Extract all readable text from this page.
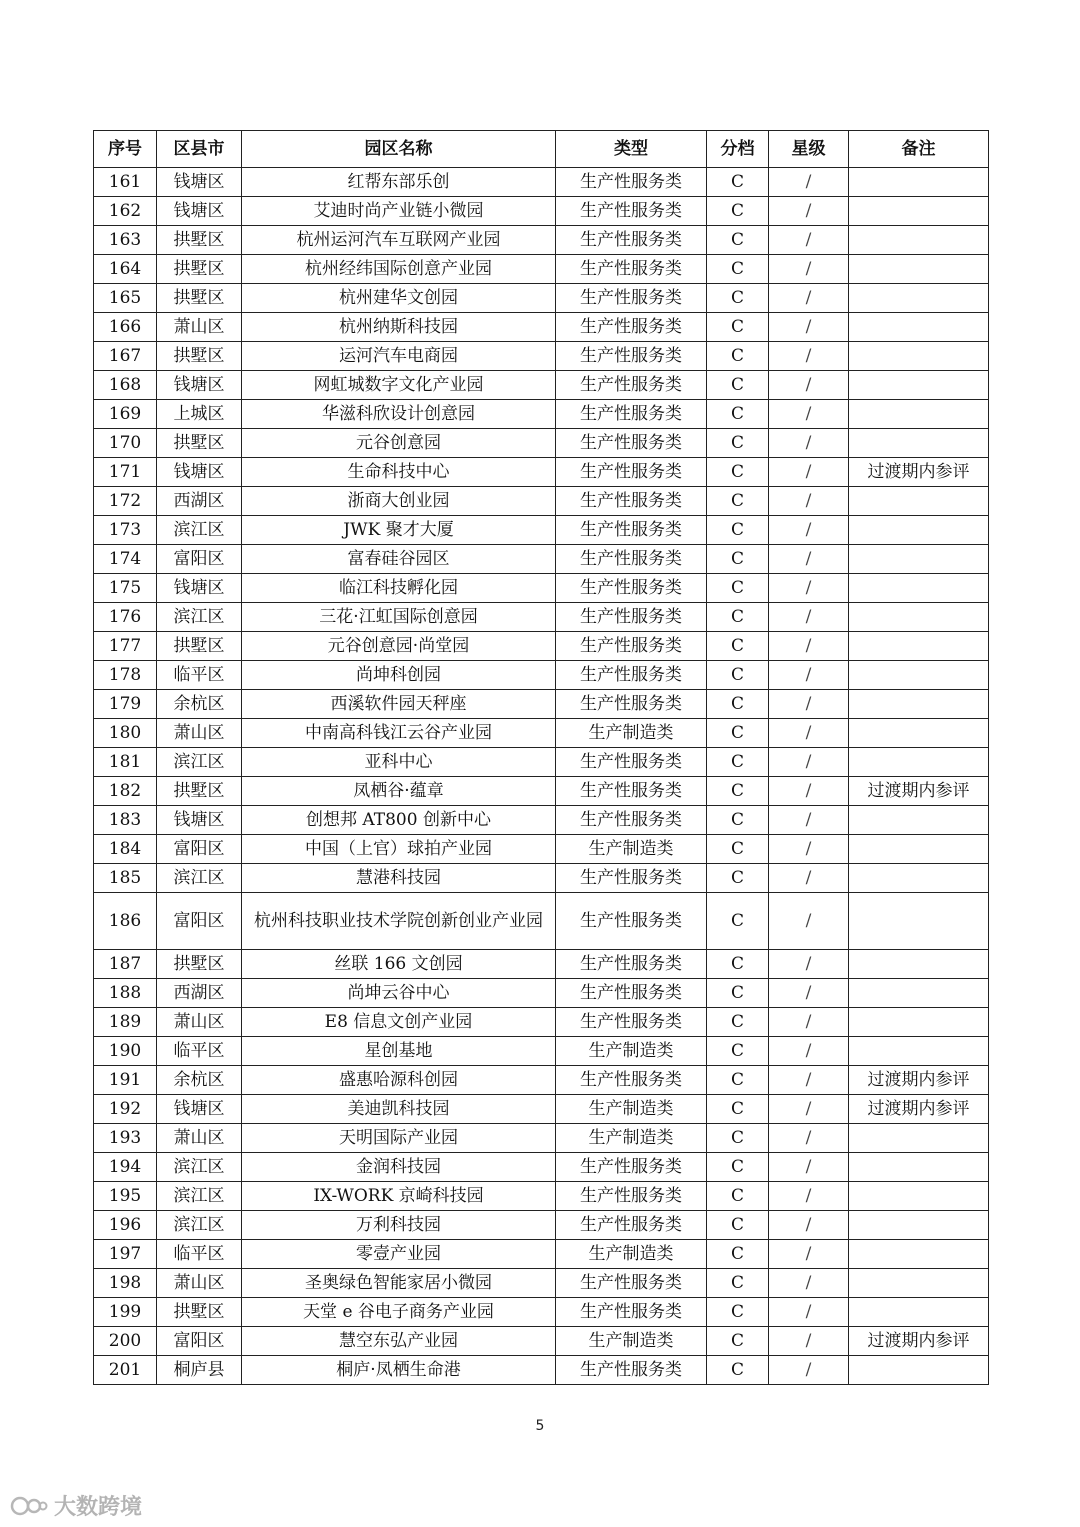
序号	区县市	园区名称	类型	分档	星级	备注
161	钱塘区	红帮东部乐创	生产性服务类	C	/	
162	钱塘区	艾迪时尚产业链小微园	生产性服务类	C	/	
163	拱墅区	杭州运河汽车互联网产业园	生产性服务类	C	/	
164	拱墅区	杭州经纬国际创意产业园	生产性服务类	C	/	
165	拱墅区	杭州建华文创园	生产性服务类	C	/	
166	萧山区	杭州纳斯科技园	生产性服务类	C	/	
167	拱墅区	运河汽车电商园	生产性服务类	C	/	
168	钱塘区	网虹城数字文化产业园	生产性服务类	C	/	
169	上城区	华滋科欣设计创意园	生产性服务类	C	/	
170	拱墅区	元谷创意园	生产性服务类	C	/	
171	钱塘区	生命科技中心	生产性服务类	C	/	过渡期内参评
172	西湖区	浙商大创业园	生产性服务类	C	/	
173	滨江区	JWK 聚才大厦	生产性服务类	C	/	
174	富阳区	富春硅谷园区	生产性服务类	C	/	
175	钱塘区	临江科技孵化园	生产性服务类	C	/	
176	滨江区	三花·江虹国际创意园	生产性服务类	C	/	
177	拱墅区	元谷创意园·尚堂园	生产性服务类	C	/	
178	临平区	尚坤科创园	生产性服务类	C	/	
179	余杭区	西溪软件园天秤座	生产性服务类	C	/	
180	萧山区	中南高科钱江云谷产业园	生产制造类	C	/	
181	滨江区	亚科中心	生产性服务类	C	/	
182	拱墅区	凤栖谷·蕴章	生产性服务类	C	/	过渡期内参评
183	钱塘区	创想邦 AT800 创新中心	生产性服务类	C	/	
184	富阳区	中国（上官）球拍产业园	生产制造类	C	/	
185	滨江区	慧港科技园	生产性服务类	C	/	
186	富阳区	杭州科技职业技术学院创新创业产业园	生产性服务类	C	/	
187	拱墅区	丝联 166 文创园	生产性服务类	C	/	
188	西湖区	尚坤云谷中心	生产性服务类	C	/	
189	萧山区	E8 信息文创产业园	生产性服务类	C	/	
190	临平区	星创基地	生产制造类	C	/	
191	余杭区	盛惠哈源科创园	生产性服务类	C	/	过渡期内参评
192	钱塘区	美迪凯科技园	生产制造类	C	/	过渡期内参评
193	萧山区	天明国际产业园	生产制造类	C	/	
194	滨江区	金润科技园	生产性服务类	C	/	
195	滨江区	IX-WORK 京崎科技园	生产性服务类	C	/	
196	滨江区	万利科技园	生产性服务类	C	/	
197	临平区	零壹产业园	生产制造类	C	/	
198	萧山区	圣奥绿色智能家居小微园	生产性服务类	C	/	
199	拱墅区	天堂 e 谷电子商务产业园	生产性服务类	C	/	
200	富阳区	慧空东弘产业园	生产制造类	C	/	过渡期内参评
201	桐庐县	桐庐·凤栖生命港	生产性服务类	C	/	
5
大数跨境
